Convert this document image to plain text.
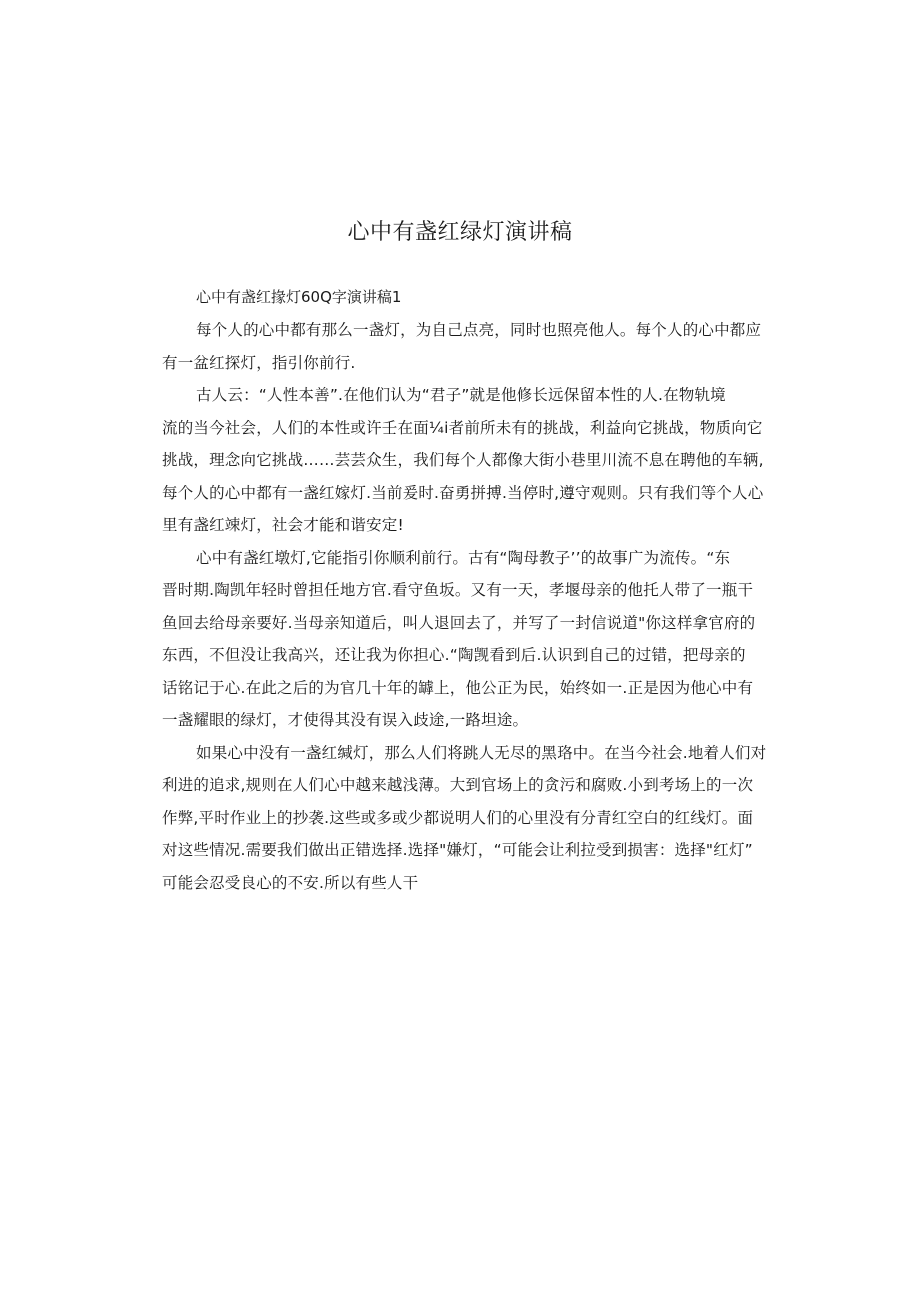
心中有盏红绿灯演讲稿
心中有盏红掾灯60Q字演讲稿1

每个人的心中都有那么一盏灯，为自己点亮，同时也照亮他人。每个人的心中都应
有一盆红探灯，指引你前行.

古人云：“人性本善”.在他们认为“君子”就是他修长远保留本性的人.在物轨境
流的当今社会，人们的本性或许壬在面¼i者前所未有的挑战，利益向它挑战，物质向它
挑战，理念向它挑战……芸芸众生，我们每个人都像大街小巷里川流不息在聘他的车辆,
每个人的心中都有一盏红嫁灯.当前爰时.奋勇拼搏.当停时,遵守观则。只有我们等个人心
里有盏红竦灯，社会才能和谐安定!

心中有盏红墩灯,它能指引你顺利前行。古有“陶母教子’’的故事广为流传。“东
晋时期.陶凯年轻时曾担任地方官.看守鱼坂。又有一天，孝堰母亲的他托人带了一瓶干
鱼回去给母亲要好.当母亲知道后，叫人退回去了，并写了一封信说道"你这样拿官府的
东西，不但没让我高兴，还让我为你担心.“陶觊看到后.认识到自己的过错，把母亲的
话铭记于心.在此之后的为官几十年的罅上，他公正为民，始终如一.正是因为他心中有
一盏耀眼的绿灯，才使得其没有误入歧途,一路坦途。

如果心中没有一盏红缄灯，那么人们将跳人无尽的黑珞中。在当今社会.地着人们对
利进的追求,规则在人们心中越来越浅薄。大到官场上的贪污和腐败.小到考场上的一次
作弊,平时作业上的抄袭.这些或多或少都说明人们的心里没有分青红空白的红线灯。面
对这些情况.需要我们做出正错选择.选择"嫌灯，“可能会让利拉受到损害：选择"红灯”
可能会忍受良心的不安.所以有些人干
